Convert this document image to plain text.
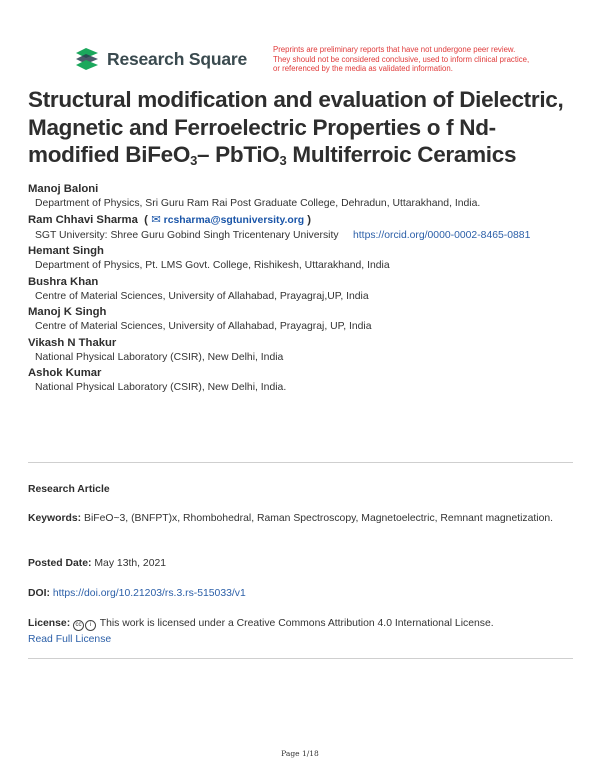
Research Square	Preprints are preliminary reports that have not undergone peer review.
They should not be considered conclusive, used to inform clinical practice,
or referenced by the media as validated information.
Structural modification and evaluation of Dielectric, Magnetic and Ferroelectric Properties o f Nd-modified BiFeO$_3$– PbTiO$_3$ Multiferroic Ceramics
Manoj Baloni
Department of Physics, Sri Guru Ram Rai Post Graduate College, Dehradun, Uttarakhand, India.
Ram Chhavi Sharma  ( ✉ rcsharma@sgtuniversity.org )
SGT University: Shree Guru Gobind Singh Tricentenary University https://orcid.org/0000-0002-8465-0881
Hemant Singh
Department of Physics, Pt. LMS Govt. College, Rishikesh, Uttarakhand, India
Bushra Khan
Centre of Material Sciences, University of Allahabad, Prayagraj,UP, India
Manoj K Singh
Centre of Material Sciences, University of Allahabad, Prayagraj, UP, India
Vikash N Thakur
National Physical Laboratory (CSIR), New Delhi, India
Ashok Kumar
National Physical Laboratory (CSIR), New Delhi, India.
Research Article
Keywords: BiFeO~3, (BNFPT)x, Rhombohedral, Raman Spectroscopy, Magnetoelectric, Remnant magnetization.
Posted Date: May 13th, 2021
DOI: https://doi.org/10.21203/rs.3.rs-515033/v1
License: cc i This work is licensed under a Creative Commons Attribution 4.0 International License.
Read Full License
Page 1/18
